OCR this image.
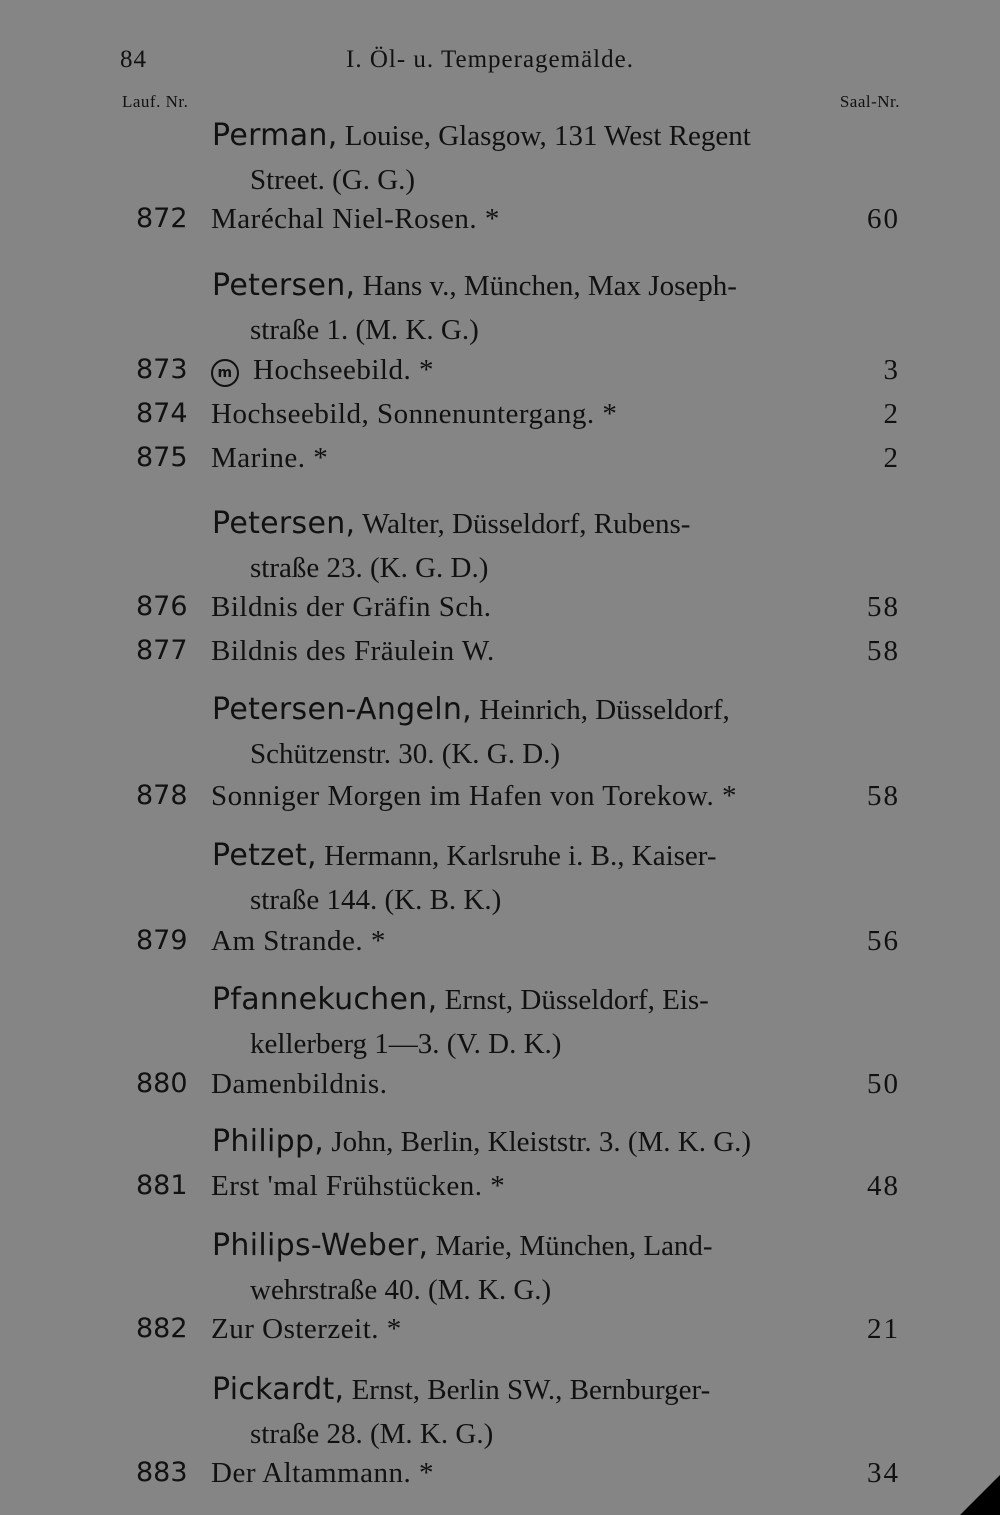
84	I. Öl- u. Temperagemälde.
Lauf. Nr.	Saal-Nr.
Perman, Louise, Glasgow, 131 West Regent
Street. (G. G.)
Petersen, Hans v., München, Max Joseph-
straße 1. (M. K. G.)
Petersen, Walter, Düsseldorf, Rubens-
straße 23. (K. G. D.)
Petersen-Angeln, Heinrich, Düsseldorf,
Schützenstr. 30. (K. G. D.)
Petzet, Hermann, Karlsruhe i. B., Kaiser-
straße 144. (K. B. K.)
Pfannekuchen, Ernst, Düsseldorf, Eis-
kellerberg 1—3. (V. D. K.)
Philipp, John, Berlin, Kleiststr. 3. (M. K. G.)
Philips-Weber, Marie, München, Land-
wehrstraße 40. (M. K. G.)
Pickardt, Ernst, Berlin SW., Bernburger-
straße 28. (M. K. G.)
872 Maréchal Niel-Rosen. *	60
873	m Hochseebild. *	3
874 Hochseebild, Sonnenuntergang. *	2
875 Marine. *	2
876 Bildnis der Gräfin Sch.	58
877 Bildnis des Fräulein W.	58
878 Sonniger Morgen im Hafen von Torekow. *	58
879 Am Strande. *	56
880 Damenbildnis.	50
881 Erst 'mal Frühstücken. *	48
882 Zur Osterzeit. *	21
883 Der Altammann. *	34
